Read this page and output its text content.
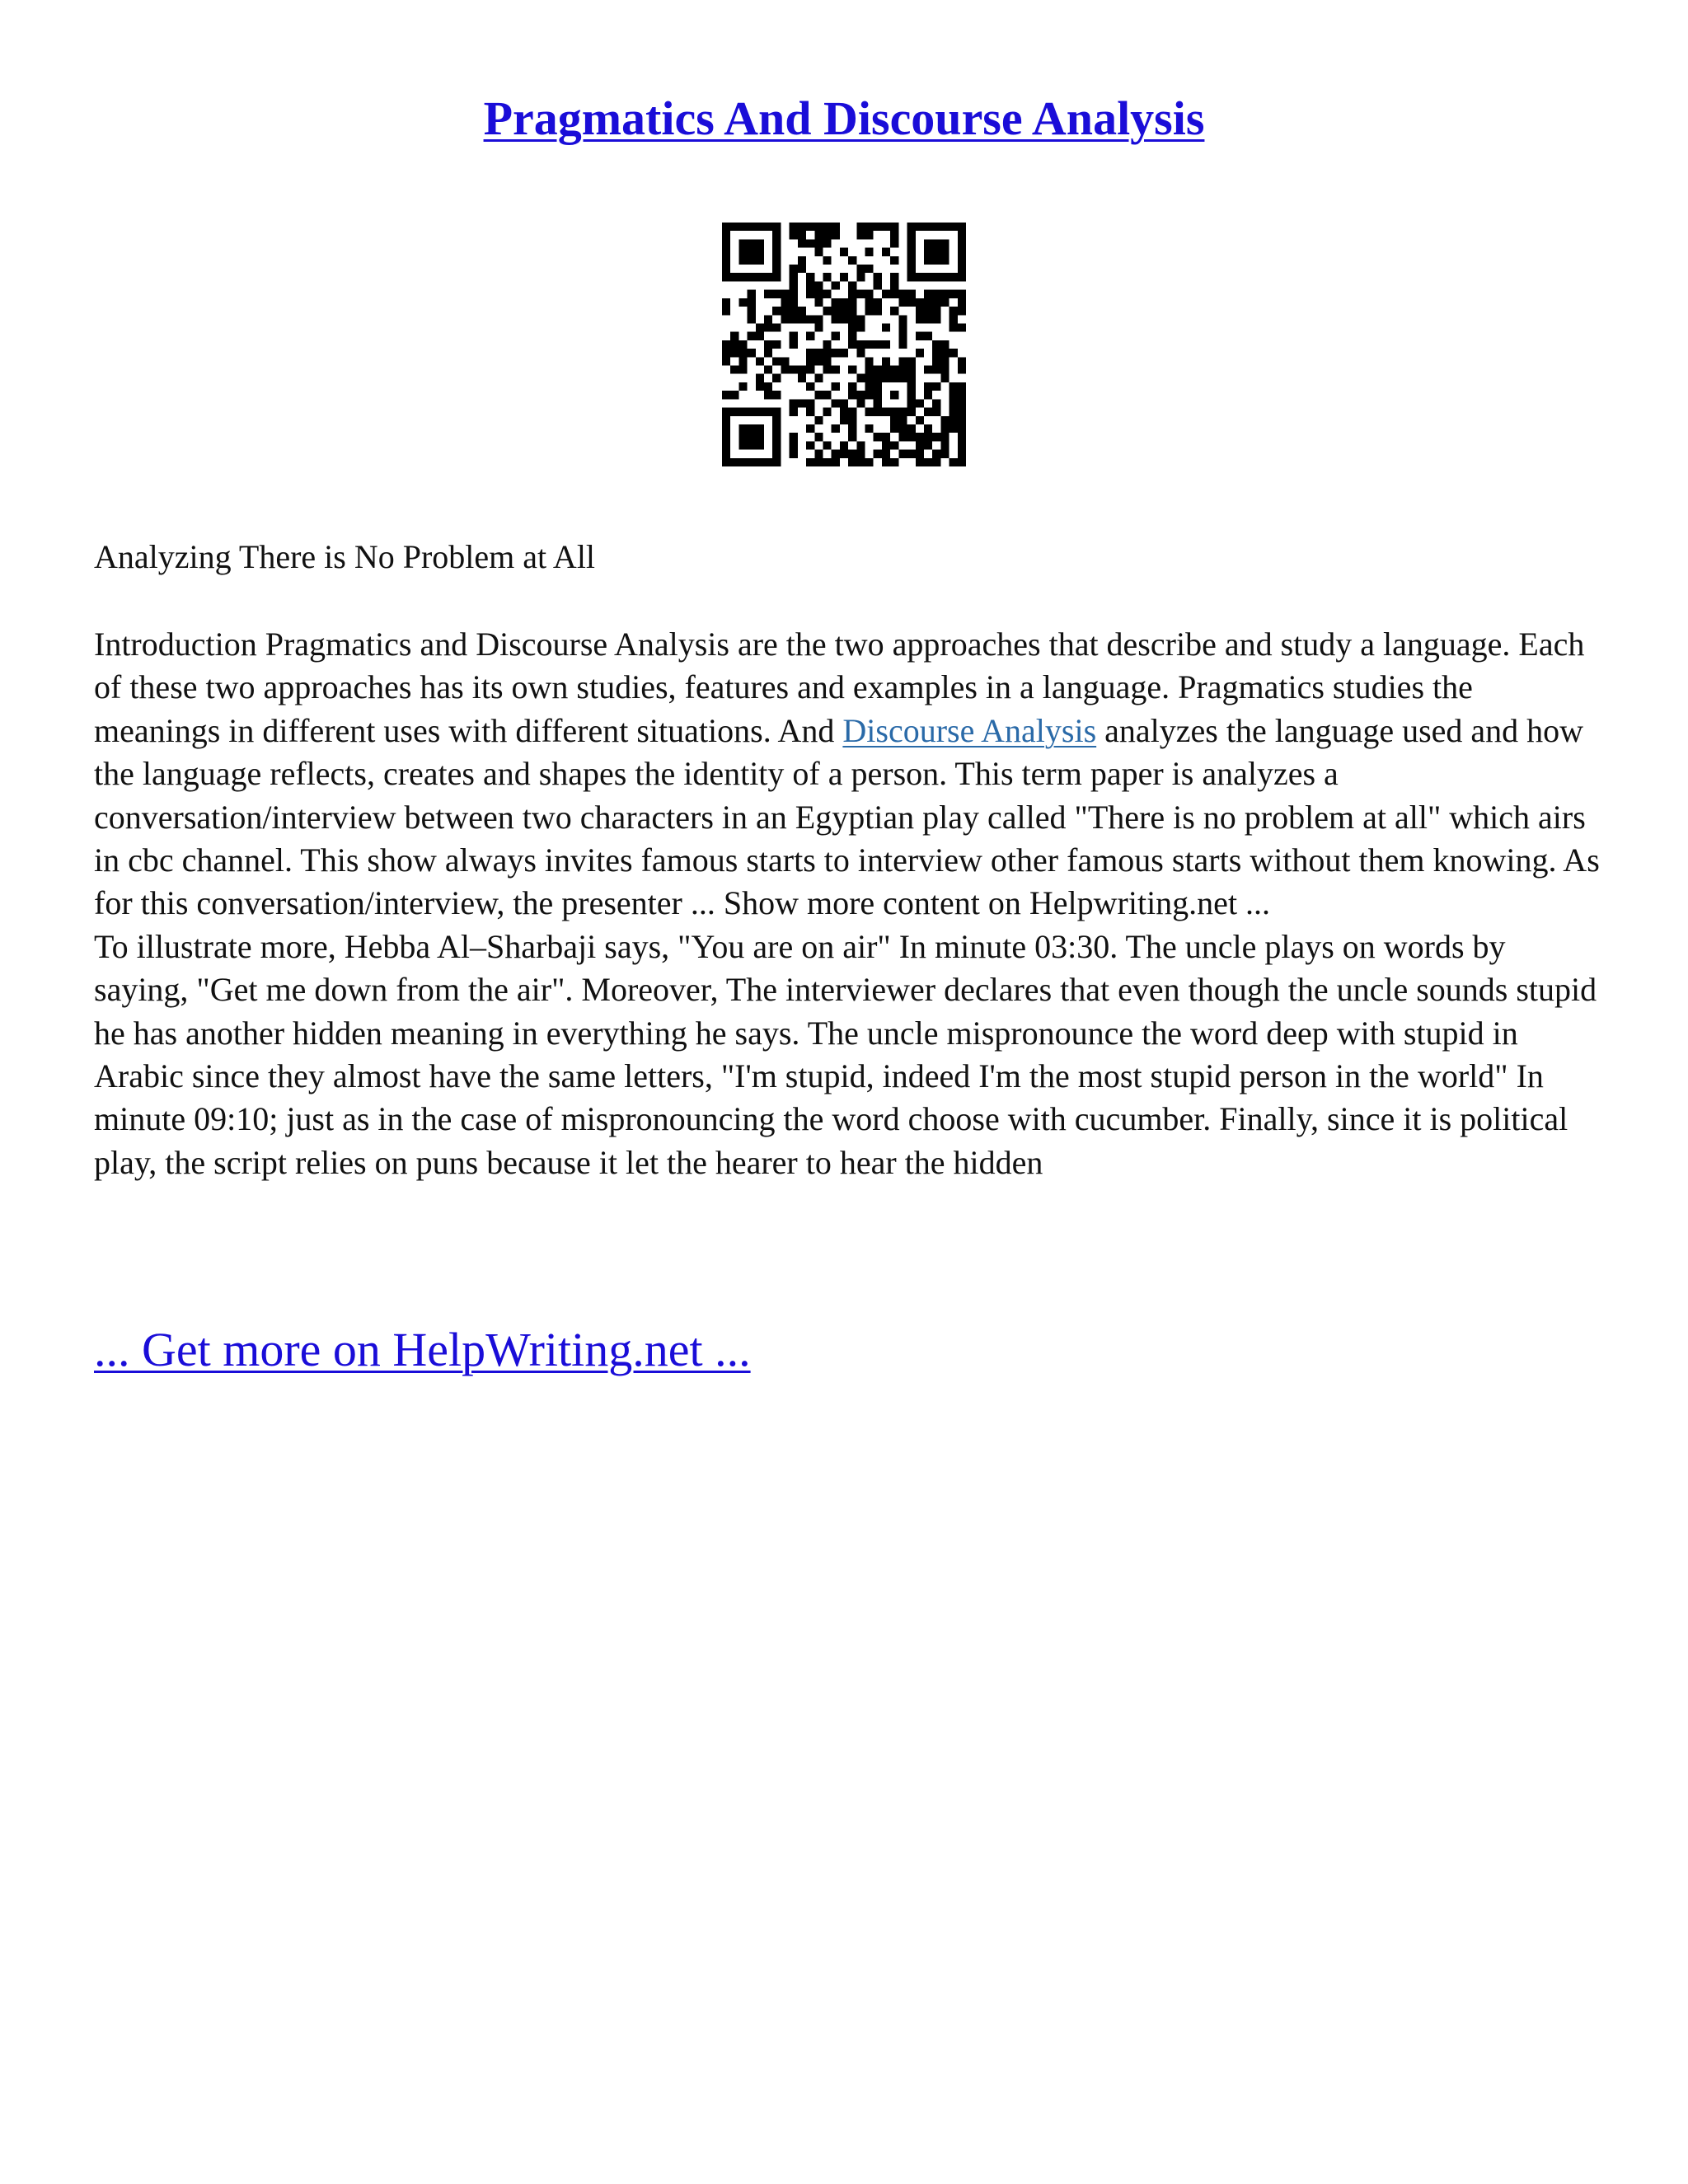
Pragmatics And Discourse Analysis
Analyzing There is No Problem at All

Introduction Pragmatics and Discourse Analysis are the two approaches that describe and study a language. Each of these two approaches has its own studies, features and examples in a language. Pragmatics studies the meanings in different uses with different situations. And Discourse Analysis analyzes the language used and how the language reflects, creates and shapes the identity of a person. This term paper is analyzes a conversation/interview between two characters in an Egyptian play called "There is no problem at all" which airs in cbc channel. This show always invites famous starts to interview other famous starts without them knowing. As for this conversation/interview, the presenter ... Show more content on Helpwriting.net ...

To illustrate more, Hebba Al–Sharbaji says, "You are on air" In minute 03:30. The uncle plays on words by saying, "Get me down from the air". Moreover, The interviewer declares that even though the uncle sounds stupid he has another hidden meaning in everything he says. The uncle mispronounce the word deep with stupid in Arabic since they almost have the same letters, "I'm stupid, indeed I'm the most stupid person in the world" In minute 09:10; just as in the case of mispronouncing the word choose with cucumber. Finally, since it is political play, the script relies on puns because it let the hearer to hear the hidden

... Get more on HelpWriting.net ...
